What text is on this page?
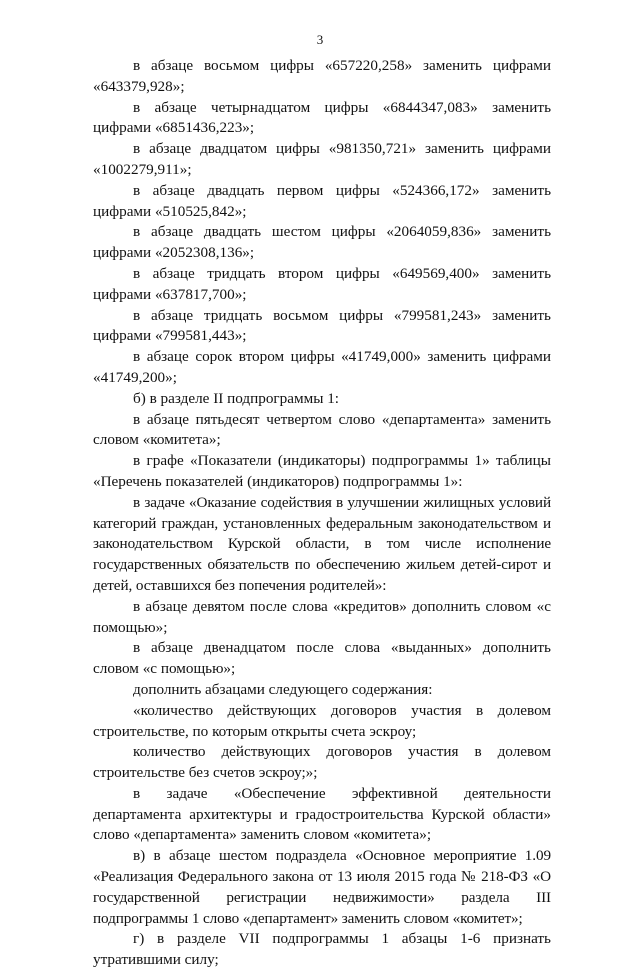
3

в абзаце восьмом цифры «657220,258» заменить цифрами «643379,928»;

в абзаце четырнадцатом цифры «6844347,083» заменить цифрами «6851436,223»;

в абзаце двадцатом цифры «981350,721» заменить цифрами «1002279,911»;

в абзаце двадцать первом цифры «524366,172» заменить цифрами «510525,842»;

в абзаце двадцать шестом цифры «2064059,836» заменить цифрами «2052308,136»;

в абзаце тридцать втором цифры «649569,400» заменить цифрами «637817,700»;

в абзаце тридцать восьмом цифры «799581,243» заменить цифрами «799581,443»;

в абзаце сорок втором цифры «41749,000» заменить цифрами «41749,200»;

б) в разделе II подпрограммы 1:

в абзаце пятьдесят четвертом слово «департамента» заменить словом «комитета»;

в графе «Показатели (индикаторы) подпрограммы 1» таблицы «Перечень показателей (индикаторов) подпрограммы 1»:

в задаче «Оказание содействия в улучшении жилищных условий категорий граждан, установленных федеральным законодательством и законодательством Курской области, в том числе исполнение государственных обязательств по обеспечению жильем детей-сирот и детей, оставшихся без попечения родителей»:

в абзаце девятом после слова «кредитов» дополнить словом «с помощью»;

в абзаце двенадцатом после слова «выданных» дополнить словом «с помощью»;

дополнить абзацами следующего содержания:

«количество действующих договоров участия в долевом строительстве, по которым открыты счета эскроу;

количество действующих договоров участия в долевом строительстве без счетов эскроу;»;

в задаче «Обеспечение эффективной деятельности департамента архитектуры и градостроительства Курской области» слово «департамента» заменить словом «комитета»;

в) в абзаце шестом подраздела «Основное мероприятие 1.09 «Реализация Федерального закона от 13 июля 2015 года № 218-ФЗ «О государственной регистрации недвижимости» раздела III подпрограммы 1 слово «департамент» заменить словом «комитет»;

г) в разделе VII подпрограммы 1 абзацы 1-6 признать утратившими силу;
